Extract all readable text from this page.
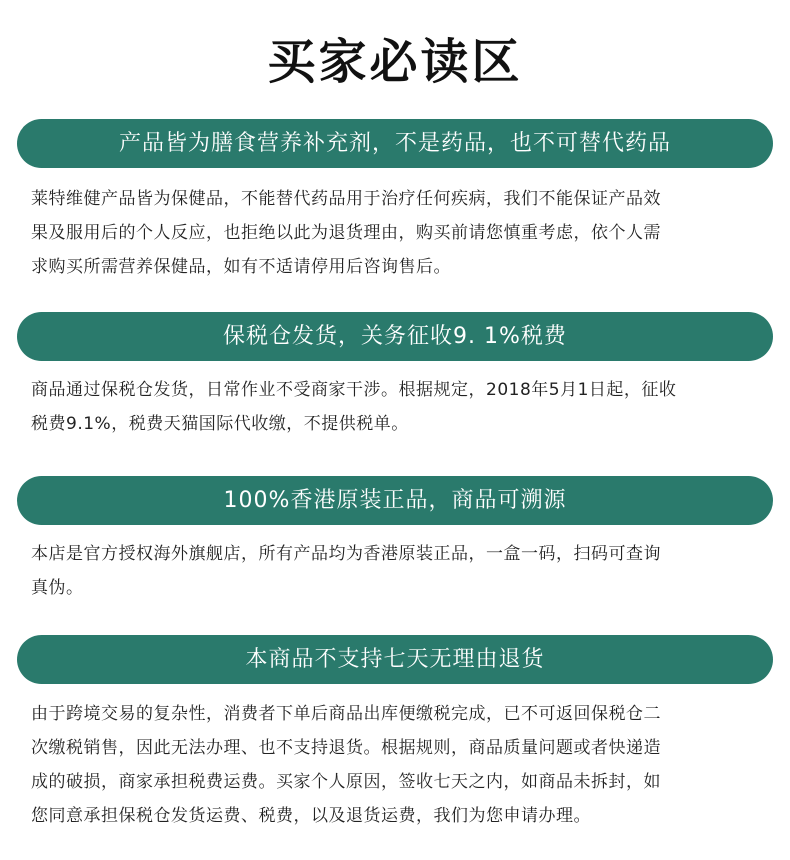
买家必读区
产品皆为膳食营养补充剂，不是药品，也不可替代药品
莱特维健产品皆为保健品，不能替代药品用于治疗任何疾病，我们不能保证产品效
果及服用后的个人反应，也拒绝以此为退货理由，购买前请您慎重考虑，依个人需
求购买所需营养保健品，如有不适请停用后咨询售后。
保税仓发货，关务征收9. 1%税费
商品通过保税仓发货，日常作业不受商家干涉。根据规定，2018年5月1日起，征收
税费9.1%，税费天猫国际代收缴，不提供税单。
100%香港原装正品，商品可溯源
本店是官方授权海外旗舰店，所有产品均为香港原装正品，一盒一码，扫码可查询
真伪。
本商品不支持七天无理由退货
由于跨境交易的复杂性，消费者下单后商品出库便缴税完成，已不可返回保税仓二
次缴税销售，因此无法办理、也不支持退货。根据规则，商品质量问题或者快递造
成的破损，商家承担税费运费。买家个人原因，签收七天之内，如商品未拆封，如
您同意承担保税仓发货运费、税费，以及退货运费，我们为您申请办理。
